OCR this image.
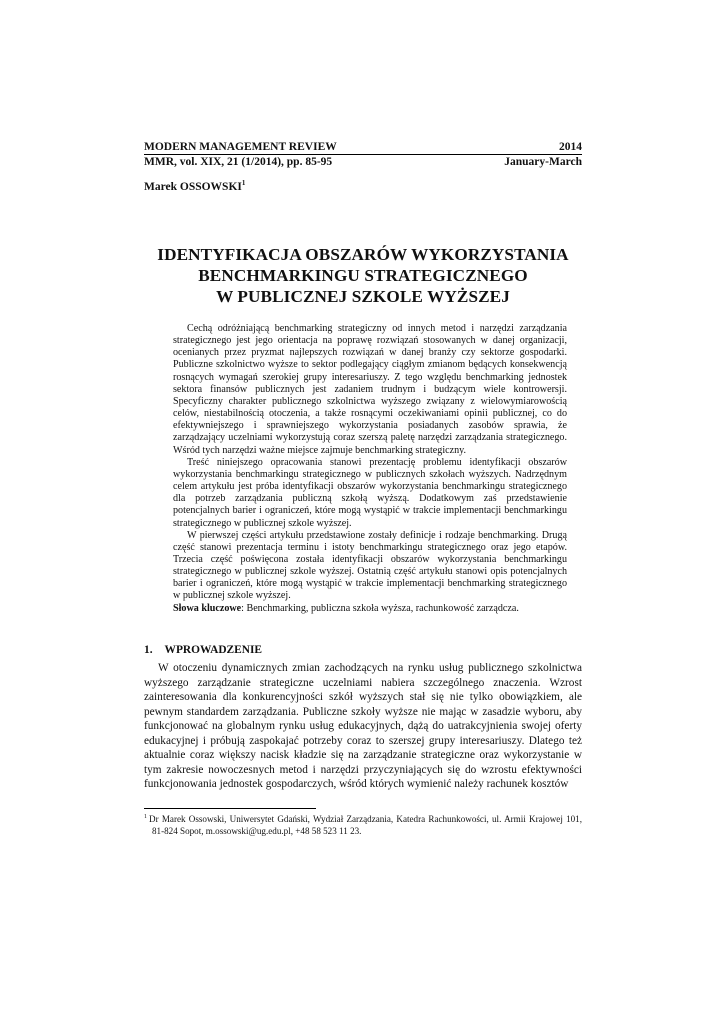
MODERN MANAGEMENT REVIEW	2014
MMR, vol. XIX, 21 (1/2014), pp. 85-95	January-March
Marek OSSOWSKI$^1$
IDENTYFIKACJA OBSZARÓW WYKORZYSTANIA
BENCHMARKINGU STRATEGICZNEGO
W PUBLICZNEJ SZKOLE WYŻSZEJ

Cechą odróżniającą benchmarking strategiczny od innych metod i narzędzi zarządzania strategicznego jest jego orientacja na poprawę rozwiązań stosowanych w danej organizacji, ocenianych przez pryzmat najlepszych rozwiązań w danej branży czy sektorze gospodarki. Publiczne szkolnictwo wyższe to sektor podlegający ciągłym zmianom będących konsekwencją rosnących wymagań szerokiej grupy interesariuszy. Z tego względu benchmarking jednostek sektora finansów publicznych jest zadaniem trudnym i budzącym wiele kontrowersji. Specyficzny charakter publicznego szkolnictwa wyższego związany z wielowymiarowością celów, niestabilnością otoczenia, a także rosnącymi oczekiwaniami opinii publicznej, co do efektywniejszego i sprawniejszego wykorzystania posiadanych zasobów sprawia, że zarządzający uczelniami wykorzystują coraz szerszą paletę narzędzi zarządzania strategicznego. Wśród tych narzędzi ważne miejsce zajmuje benchmarking strategiczny.

Treść niniejszego opracowania stanowi prezentację problemu identyfikacji obszarów wykorzystania benchmarkingu strategicznego w publicznych szkołach wyższych. Nadrzędnym celem artykułu jest próba identyfikacji obszarów wykorzystania benchmarkingu strategicznego dla potrzeb zarządzania publiczną szkołą wyższą. Dodatkowym zaś przedstawienie potencjalnych barier i ograniczeń, które mogą wystąpić w trakcie implementacji benchmarkingu strategicznego w publicznej szkole wyższej.

W pierwszej części artykułu przedstawione zostały definicje i rodzaje benchmarking. Drugą część stanowi prezentacja terminu i istoty benchmarkingu strategicznego oraz jego etapów. Trzecia część poświęcona została identyfikacji obszarów wykorzystania benchmarkingu strategicznego w publicznej szkole wyższej. Ostatnią część artykułu stanowi opis potencjalnych barier i ograniczeń, które mogą wystąpić w trakcie implementacji benchmarking strategicznego w publicznej szkole wyższej.

Słowa kluczowe: Benchmarking, publiczna szkoła wyższa, rachunkowość zarządcza.

1. WPROWADZENIE

W otoczeniu dynamicznych zmian zachodzących na rynku usług publicznego szkolnictwa wyższego zarządzanie strategiczne uczelniami nabiera szczególnego znaczenia. Wzrost zainteresowania dla konkurencyjności szkół wyższych stał się nie tylko obowiązkiem, ale pewnym standardem zarządzania. Publiczne szkoły wyższe nie mając w zasadzie wyboru, aby funkcjonować na globalnym rynku usług edukacyjnych, dążą do uatrakcyjnienia swojej oferty edukacyjnej i próbują zaspokajać potrzeby coraz to szerszej grupy interesariuszy. Dlatego też aktualnie coraz większy nacisk kładzie się na zarządzanie strategiczne oraz wykorzystanie w tym zakresie nowoczesnych metod i narzędzi przyczyniających się do wzrostu efektywności funkcjonowania jednostek gospodarczych, wśród których wymienić należy rachunek kosztów

$^1$ Dr Marek Ossowski, Uniwersytet Gdański, Wydział Zarządzania, Katedra Rachunkowości, ul. Armii Krajowej 101, 81-824 Sopot, m.ossowski@ug.edu.pl, +48 58 523 11 23.
